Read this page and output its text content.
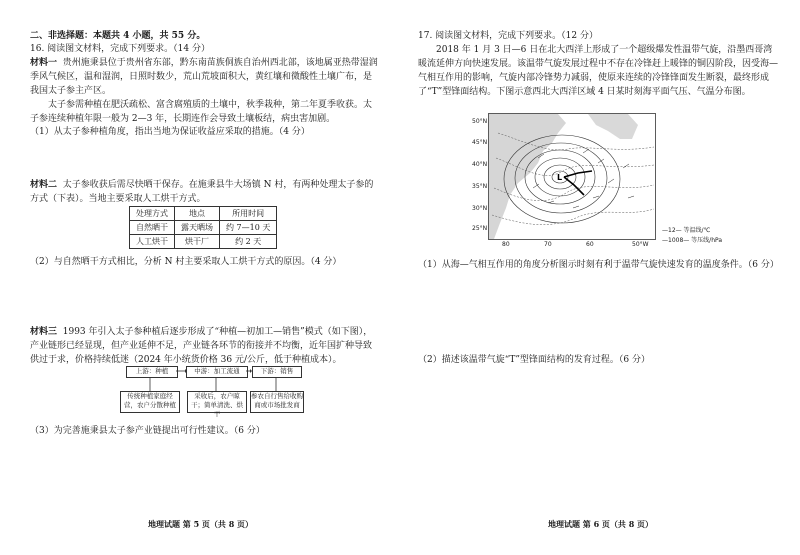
二、非选择题：本题共 4 小题，共 55 分。
16. 阅读图文材料，完成下列要求。（14 分）

材料一 贵州施秉县位于贵州省东部，黔东南苗族侗族自治州西北部，该地属亚热带湿润季风气候区，温和湿润，日照时数少，荒山荒坡面积大，黄红壤和微酸性土壤广布，是我国太子参主产区。

太子参需种植在肥沃疏松、富含腐殖质的土壤中，秋季栽种，第二年夏季收获。太子参连续种植年限一般为 2—3 年，长期连作会导致土壤板结，病虫害加剧。

（1）从太子参种植角度，指出当地为保证收益应采取的措施。（4 分）

材料二 太子参收获后需尽快晒干保存。在施秉县牛大场镇 N 村，有两种处理太子参的方式（下表）。当地主要采取人工烘干方式。

处理方式	地点	所用时间
自然晒干	露天晒场	约 7—10 天
人工烘干	烘干厂	约 2 天
（2）与自然晒干方式相比，分析 N 村主要采取人工烘干方式的原因。（4 分）

材料三 1993 年引入太子参种植后逐步形成了“种植—初加工—销售”模式（如下图），产业链形已经显现，但产业延伸不足，产业链各环节的衔接并不均衡，近年国扩种导致供过于求，价格持续低迷（2024 年小统货价格 36 元/公斤，低于种植成本）。

上游：种植	中游：加工流通	下游：销售
传统种植家庭经营，农户分散种植
采收后，农户晾干；简单清洗、烘干
参农自行售给收购商或市场批发商
（3）为完善施秉县太子参产业链提出可行性建议。（6 分）
地理试题 第 5 页（共 8 页）
17. 阅读图文材料，完成下列要求。（12 分）

2018 年 1 月 3 日—6 日在北大西洋上形成了一个超级爆发性温带气旋，沿墨西哥湾暖流延伸方向快速发展。该温带气旋发展过程中不存在冷锋赶上暖锋的铜囚阶段，因受海—气相互作用的影响，气旋内部冷锋势力减弱，使原来连续的冷锋锋面发生断裂，最终形成了“T”型锋面结构。下图示意西北大西洋区域 4 日某时刻海平面气压、气温分布图。

L
50°N
45°N
40°N
35°N
30°N
25°N
80	70	60	50°W
—12— 等温线/℃
—1008— 等压线/hPa

（1）从海—气相互作用的角度分析图示时刻有利于温带气旋快速发育的温度条件。（6 分）

（2）描述该温带气旋“T”型锋面结构的发育过程。（6 分）
地理试题 第 6 页（共 8 页）
